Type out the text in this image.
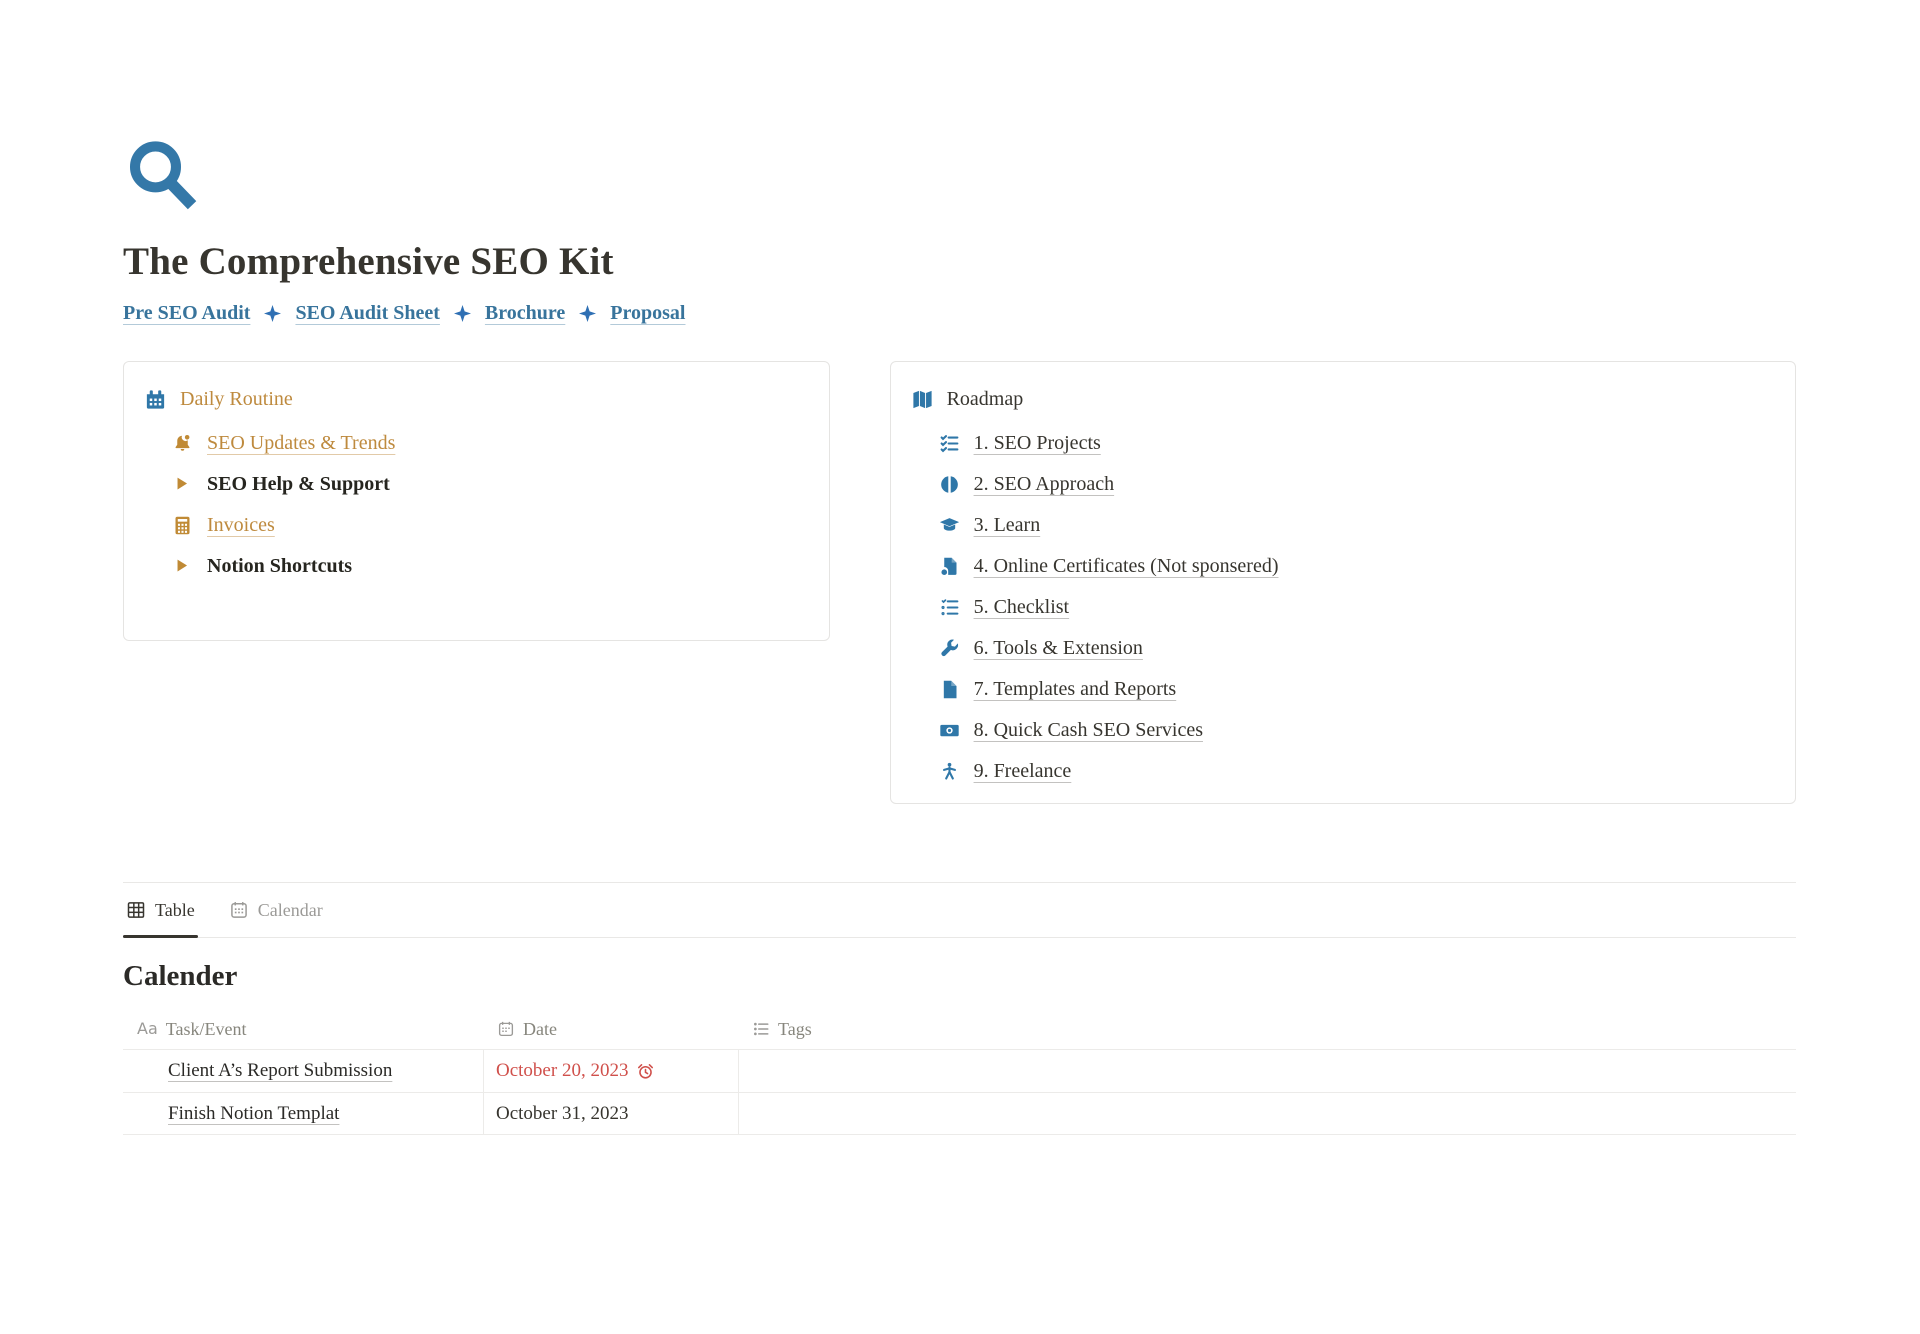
The Comprehensive SEO Kit
Pre SEO Audit SEO Audit Sheet Brochure Proposal
Daily Routine
SEO Updates & Trends
SEO Help & Support
Invoices
Notion Shortcuts
Roadmap
1. SEO Projects
2. SEO Approach
3. Learn
4. Online Certificates (Not sponsered)
5. Checklist
6. Tools & Extension
7. Templates and Reports
8. Quick Cash SEO Services
9. Freelance
Table	Calendar
Calender
Aa Task/Event	Date	Tags
Client A’s Report Submission	October 20, 2023
Finish Notion Templat	October 31, 2023
